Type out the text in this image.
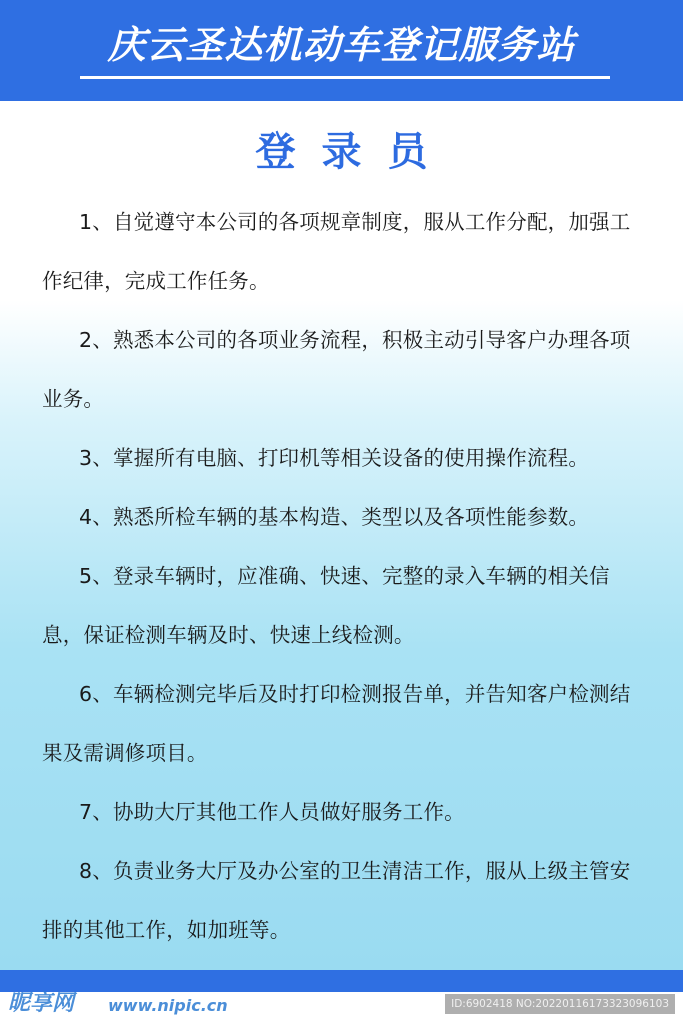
庆云圣达机动车登记服务站
登录员
1、自觉遵守本公司的各项规章制度，服从工作分配，加强工作纪律，完成工作任务。
2、熟悉本公司的各项业务流程，积极主动引导客户办理各项业务。
3、掌握所有电脑、打印机等相关设备的使用操作流程。
4、熟悉所检车辆的基本构造、类型以及各项性能参数。
5、登录车辆时，应准确、快速、完整的录入车辆的相关信息，保证检测车辆及时、快速上线检测。
6、车辆检测完毕后及时打印检测报告单，并告知客户检测结果及需调修项目。
7、协助大厅其他工作人员做好服务工作。
8、负责业务大厅及办公室的卫生清洁工作，服从上级主管安排的其他工作，如加班等。
昵享网 www.nipic.cn	ID:6902418 NO:20220116173323096103
